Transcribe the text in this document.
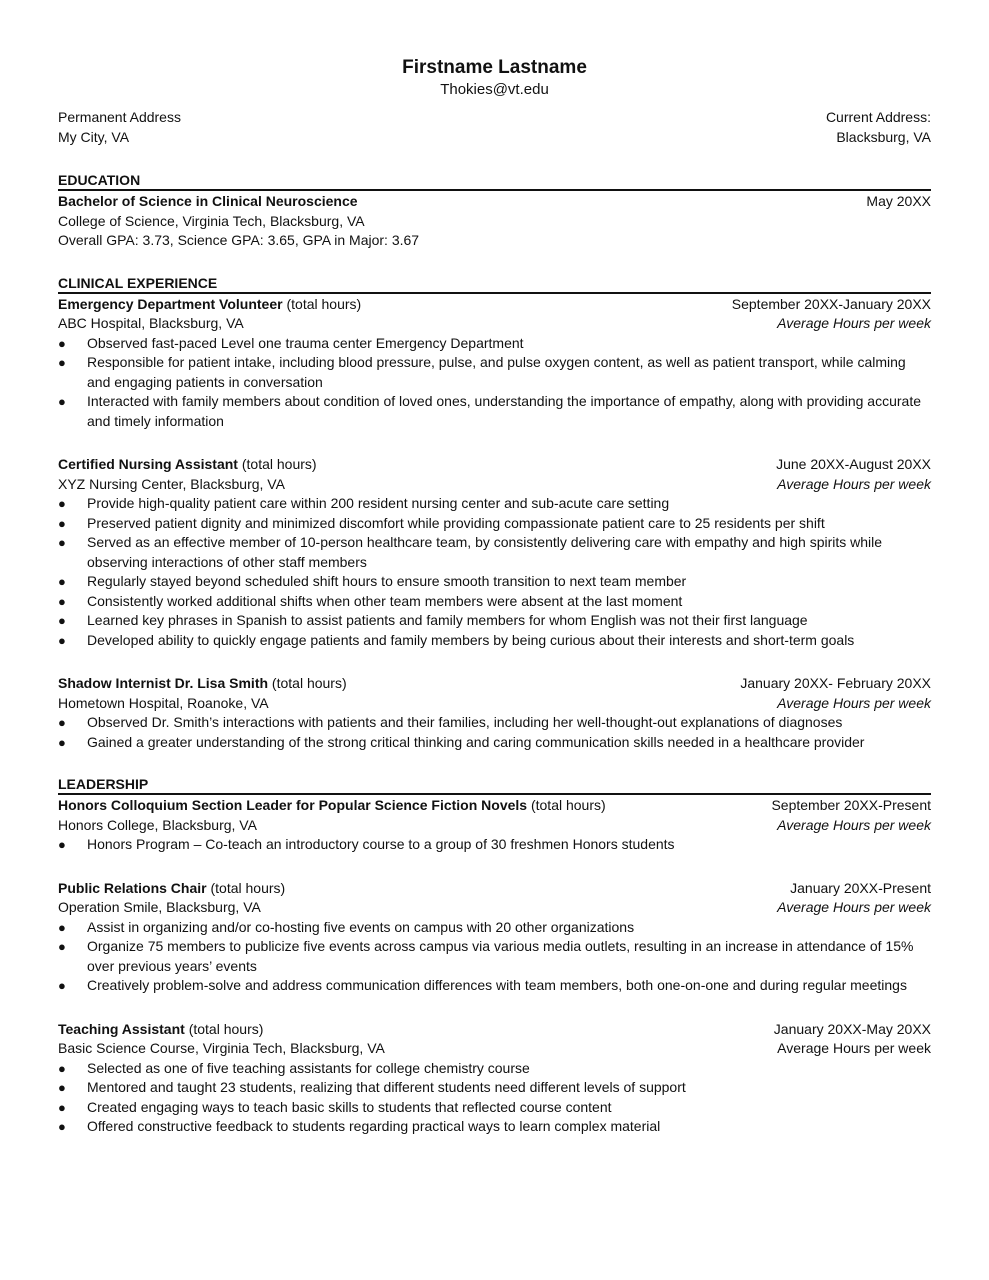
Firstname Lastname
Thokies@vt.edu
Permanent Address
My City, VA
Current Address:
Blacksburg, VA
EDUCATION
Bachelor of Science in Clinical Neuroscience	May 20XX
College of Science, Virginia Tech, Blacksburg, VA
Overall GPA: 3.73, Science GPA: 3.65, GPA in Major: 3.67
CLINICAL EXPERIENCE
Emergency Department Volunteer (total hours)	September 20XX-January 20XX
ABC Hospital, Blacksburg, VA	Average Hours per week
● Observed fast-paced Level one trauma center Emergency Department
● Responsible for patient intake, including blood pressure, pulse, and pulse oxygen content, as well as patient transport, while calming and engaging patients in conversation
● Interacted with family members about condition of loved ones, understanding the importance of empathy, along with providing accurate and timely information
Certified Nursing Assistant (total hours)	June 20XX-August 20XX
XYZ Nursing Center, Blacksburg, VA	Average Hours per week
● Provide high-quality patient care within 200 resident nursing center and sub-acute care setting
● Preserved patient dignity and minimized discomfort while providing compassionate patient care to 25 residents per shift
● Served as an effective member of 10-person healthcare team, by consistently delivering care with empathy and high spirits while observing interactions of other staff members
● Regularly stayed beyond scheduled shift hours to ensure smooth transition to next team member
● Consistently worked additional shifts when other team members were absent at the last moment
● Learned key phrases in Spanish to assist patients and family members for whom English was not their first language
● Developed ability to quickly engage patients and family members by being curious about their interests and short-term goals
Shadow Internist Dr. Lisa Smith (total hours)	January 20XX- February 20XX
Hometown Hospital, Roanoke, VA	Average Hours per week
● Observed Dr. Smith’s interactions with patients and their families, including her well-thought-out explanations of diagnoses
● Gained a greater understanding of the strong critical thinking and caring communication skills needed in a healthcare provider
LEADERSHIP
Honors Colloquium Section Leader for Popular Science Fiction Novels (total hours)	September 20XX-Present
Honors College, Blacksburg, VA	Average Hours per week
● Honors Program – Co-teach an introductory course to a group of 30 freshmen Honors students
Public Relations Chair (total hours)	January 20XX-Present
Operation Smile, Blacksburg, VA	Average Hours per week
● Assist in organizing and/or co-hosting five events on campus with 20 other organizations
● Organize 75 members to publicize five events across campus via various media outlets, resulting in an increase in attendance of 15% over previous years’ events
● Creatively problem-solve and address communication differences with team members, both one-on-one and during regular meetings
Teaching Assistant (total hours)	January 20XX-May 20XX
Basic Science Course, Virginia Tech, Blacksburg, VA	Average Hours per week
● Selected as one of five teaching assistants for college chemistry course
● Mentored and taught 23 students, realizing that different students need different levels of support
● Created engaging ways to teach basic skills to students that reflected course content
● Offered constructive feedback to students regarding practical ways to learn complex material
